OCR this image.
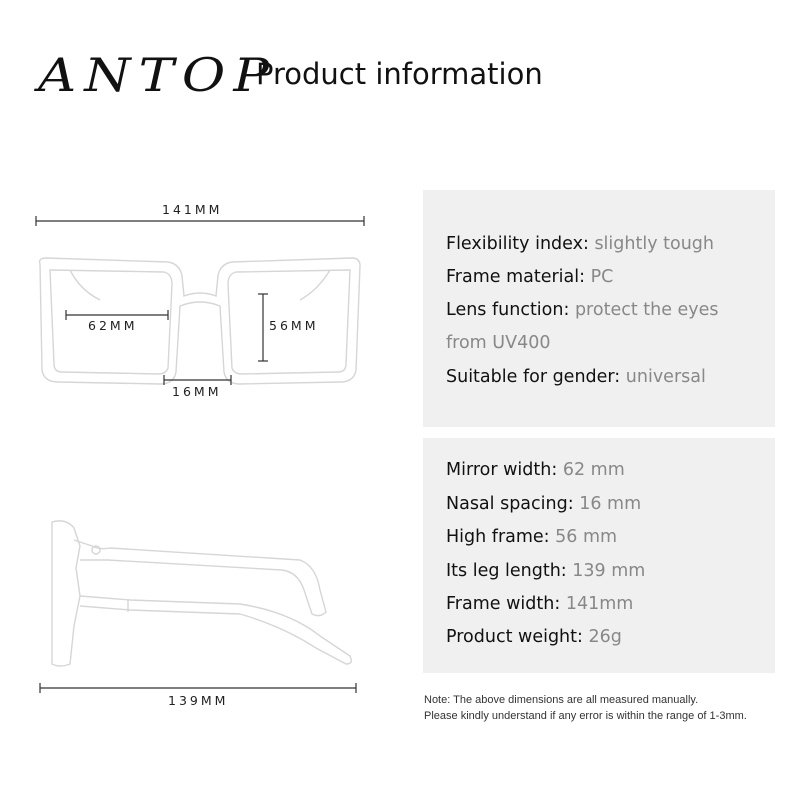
ANTOP
Product information
141MM
62MM	56MM
16MM
139MM
Flexibility index: slightly tough
Frame material: PC
Lens function: protect the eyes
from UV400
Suitable for gender: universal
Mirror width: 62 mm
Nasal spacing: 16 mm
High frame: 56 mm
Its leg length: 139 mm
Frame width: 141mm
Product weight: 26g
Note: The above dimensions are all measured manually.
Please kindly understand if any error is within the range of 1-3mm.
